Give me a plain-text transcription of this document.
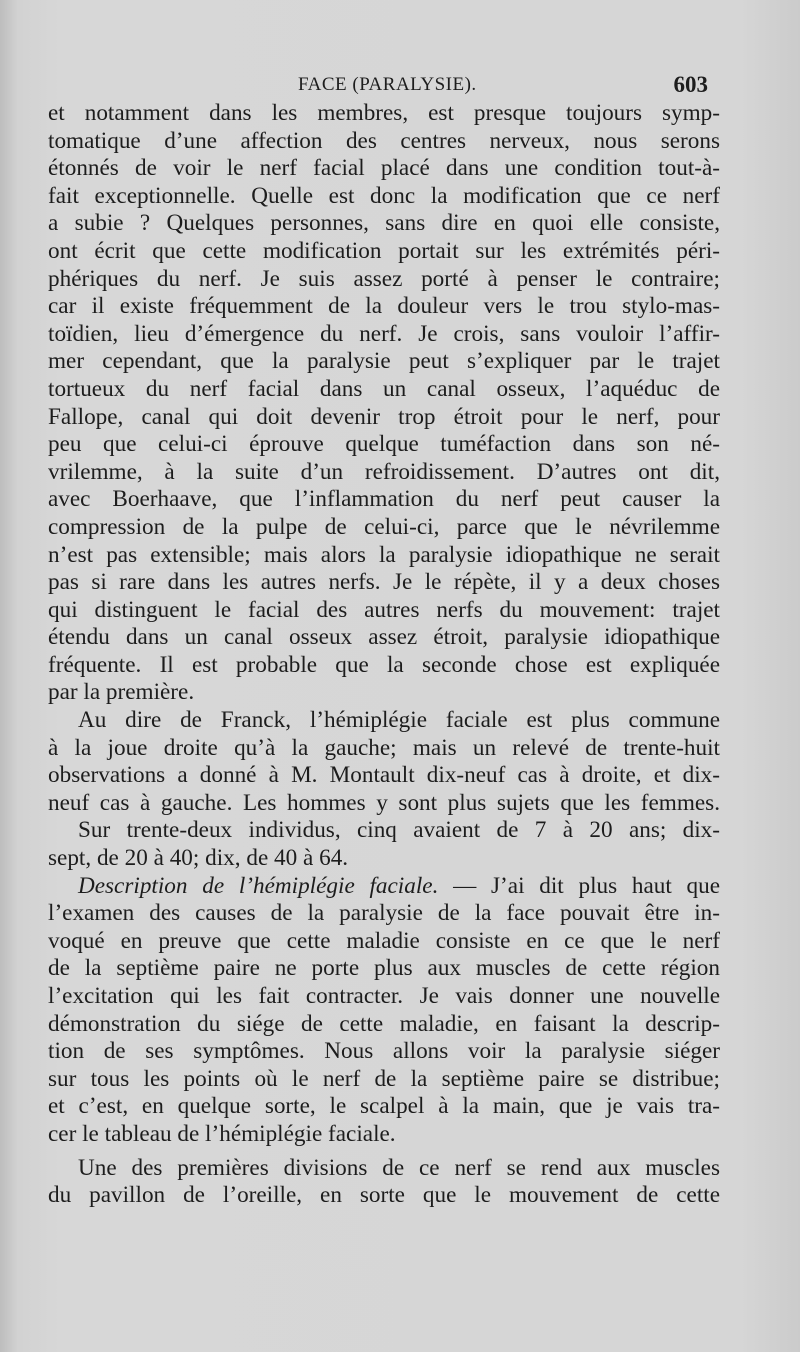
FACE (PARALYSIE).	603
et notamment dans les membres, est presque toujours symp-
tomatique d’une affection des centres nerveux, nous serons
étonnés de voir le nerf facial placé dans une condition tout-à-
fait exceptionnelle. Quelle est donc la modification que ce nerf
a subie ? Quelques personnes, sans dire en quoi elle consiste,
ont écrit que cette modification portait sur les extrémités péri-
phériques du nerf. Je suis assez porté à penser le contraire;
car il existe fréquemment de la douleur vers le trou stylo-mas-
toïdien, lieu d’émergence du nerf. Je crois, sans vouloir l’affir-
mer cependant, que la paralysie peut s’expliquer par le trajet
tortueux du nerf facial dans un canal osseux, l’aquéduc de
Fallope, canal qui doit devenir trop étroit pour le nerf, pour
peu que celui-ci éprouve quelque tuméfaction dans son né-
vrilemme, à la suite d’un refroidissement. D’autres ont dit,
avec Boerhaave, que l’inflammation du nerf peut causer la
compression de la pulpe de celui-ci, parce que le névrilemme
n’est pas extensible; mais alors la paralysie idiopathique ne serait
pas si rare dans les autres nerfs. Je le répète, il y a deux choses
qui distinguent le facial des autres nerfs du mouvement: trajet
étendu dans un canal osseux assez étroit, paralysie idiopathique
fréquente. Il est probable que la seconde chose est expliquée
par la première.
Au dire de Franck, l’hémiplégie faciale est plus commune
à la joue droite qu’à la gauche; mais un relevé de trente-huit
observations a donné à M. Montault dix-neuf cas à droite, et dix-
neuf cas à gauche. Les hommes y sont plus sujets que les femmes.
Sur trente-deux individus, cinq avaient de 7 à 20 ans; dix-
sept, de 20 à 40; dix, de 40 à 64.
Description de l’hémiplégie faciale. — J’ai dit plus haut que
l’examen des causes de la paralysie de la face pouvait être in-
voqué en preuve que cette maladie consiste en ce que le nerf
de la septième paire ne porte plus aux muscles de cette région
l’excitation qui les fait contracter. Je vais donner une nouvelle
démonstration du siége de cette maladie, en faisant la descrip-
tion de ses symptômes. Nous allons voir la paralysie siéger
sur tous les points où le nerf de la septième paire se distribue;
et c’est, en quelque sorte, le scalpel à la main, que je vais tra-
cer le tableau de l’hémiplégie faciale.
Une des premières divisions de ce nerf se rend aux muscles
du pavillon de l’oreille, en sorte que le mouvement de cette
